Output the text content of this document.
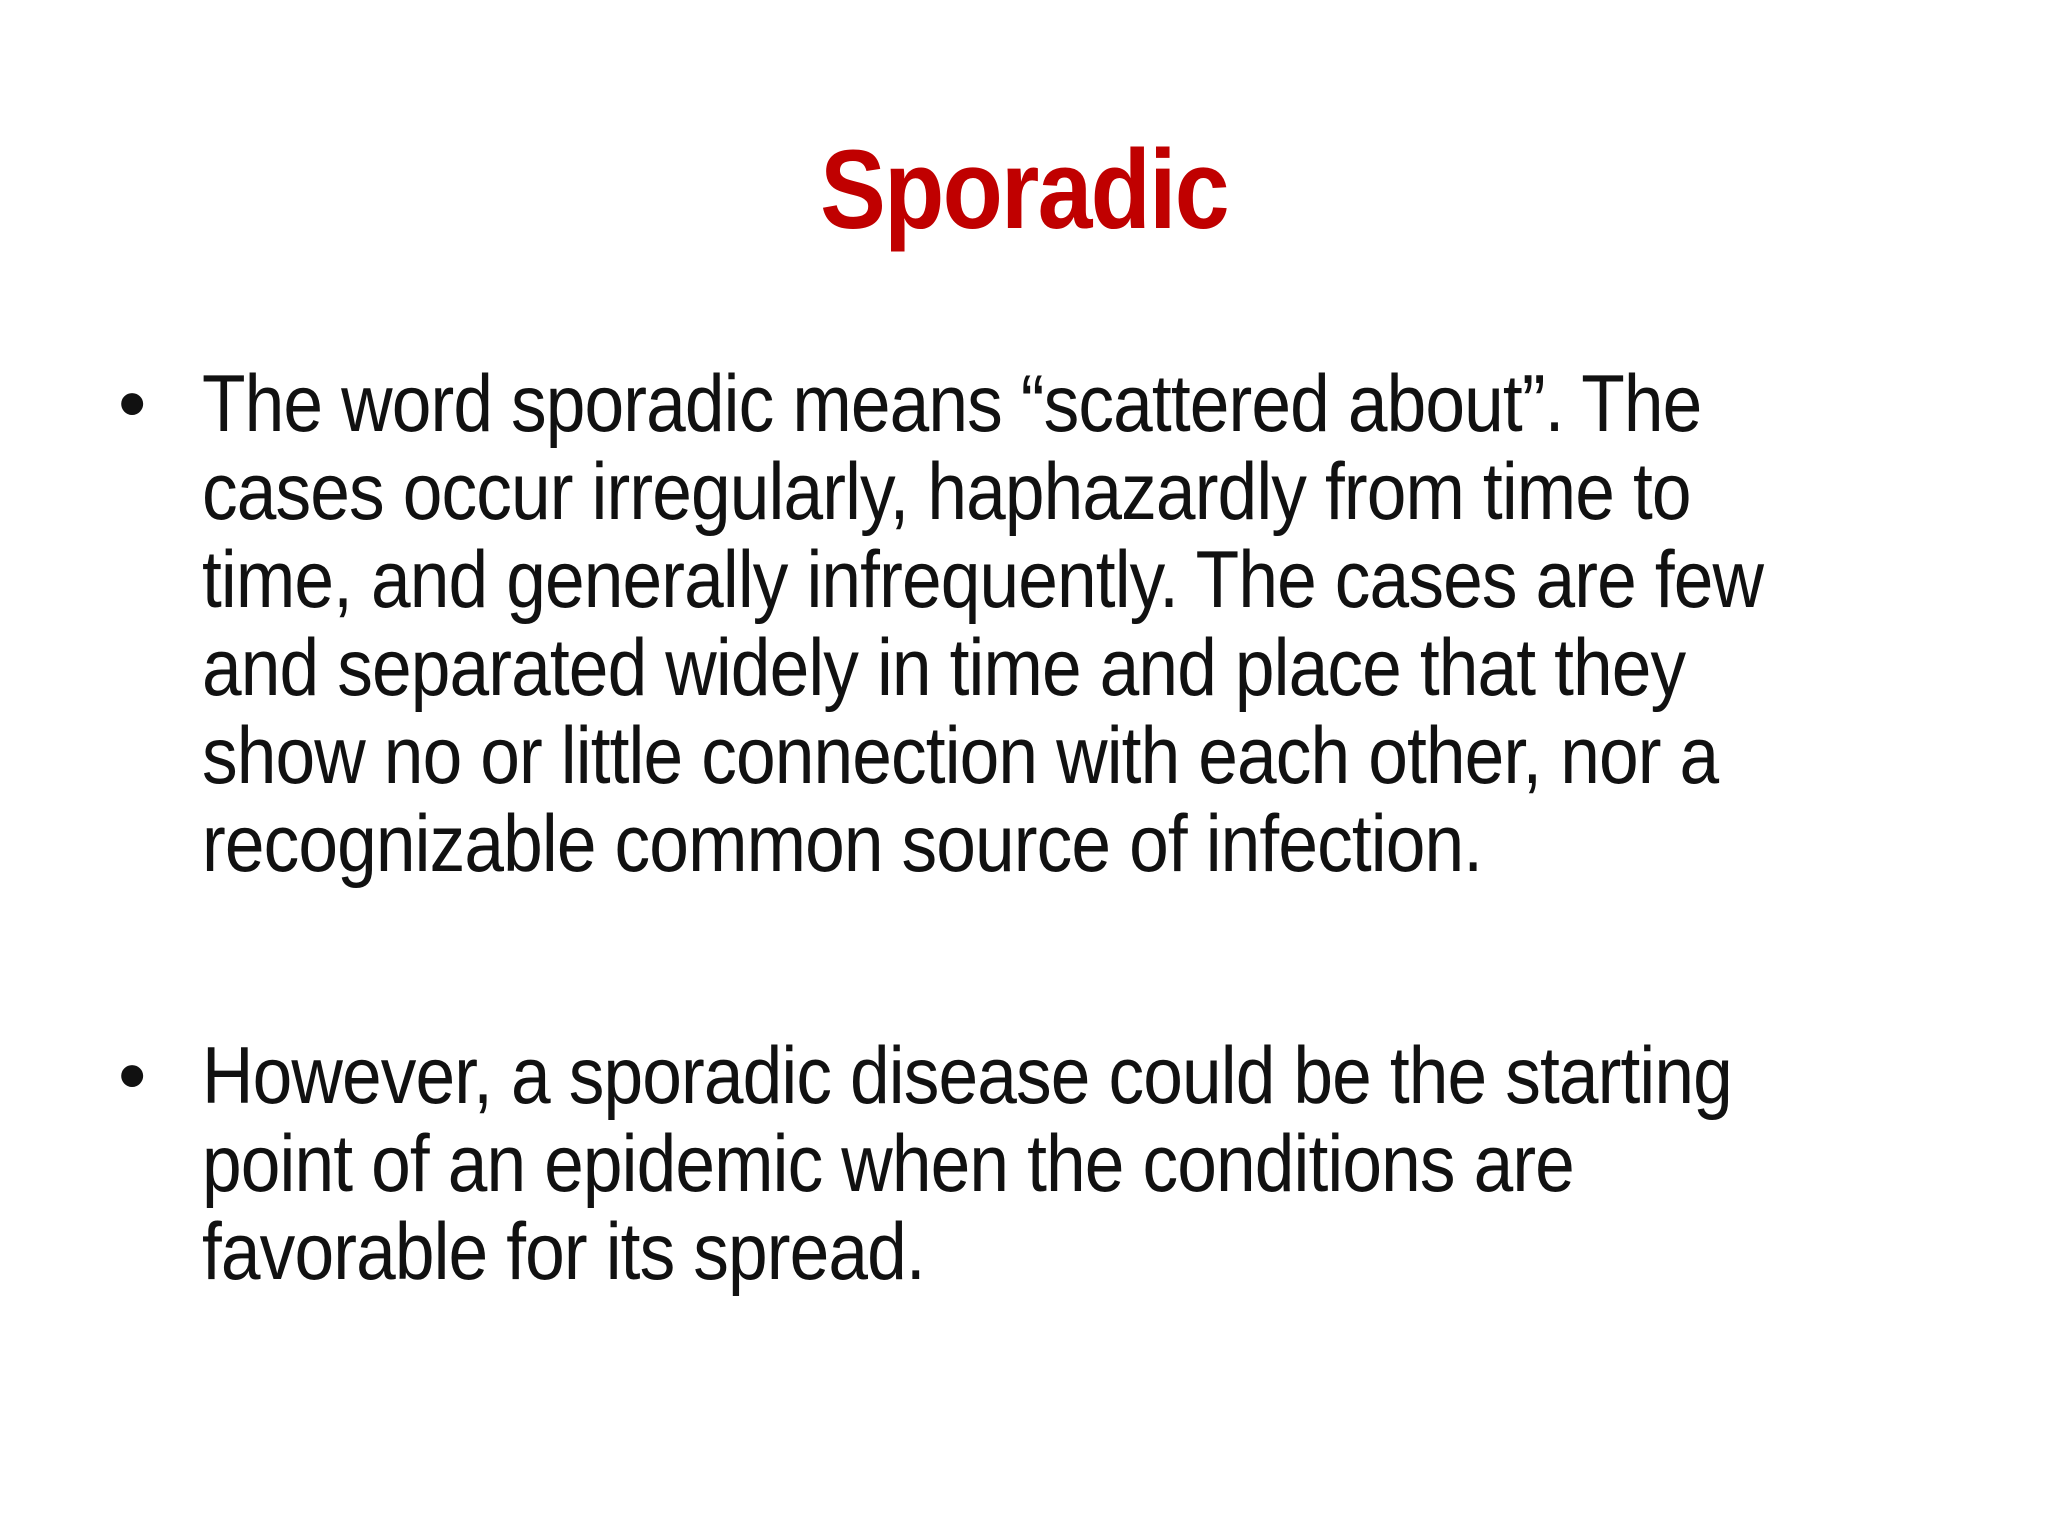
Sporadic
• The word sporadic means “scattered about”. The cases occur irregularly, haphazardly from time to time, and generally infrequently. The cases are few and separated widely in time and place that they show no or little connection with each other, nor a recognizable common source of infection.
• However, a sporadic disease could be the starting point of an epidemic when the conditions are favorable for its spread.
